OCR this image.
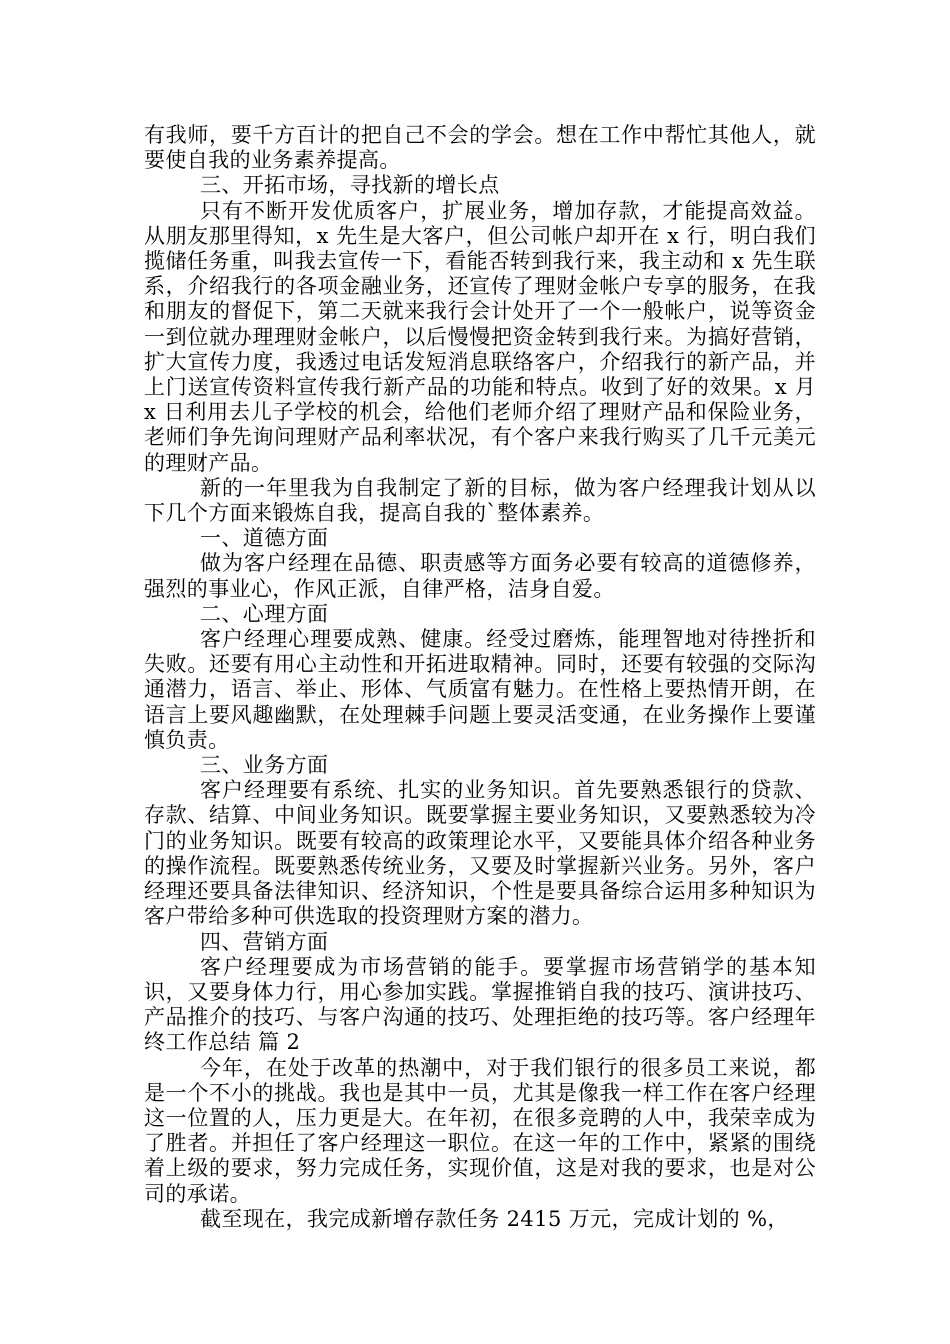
有我师，要千方百计的把自己不会的学会。想在工作中帮忙其他人，就要使自我的业务素养提高。

三、开拓市场，寻找新的增长点

只有不断开发优质客户，扩展业务，增加存款，才能提高效益。从朋友那里得知，x 先生是大客户，但公司帐户却开在 x 行，明白我们揽储任务重，叫我去宣传一下，看能否转到我行来，我主动和 x 先生联系，介绍我行的各项金融业务，还宣传了理财金帐户专享的服务，在我和朋友的督促下，第二天就来我行会计处开了一个一般帐户，说等资金一到位就办理理财金帐户，以后慢慢把资金转到我行来。为搞好营销，扩大宣传力度，我透过电话发短消息联络客户，介绍我行的新产品，并上门送宣传资料宣传我行新产品的功能和特点。收到了好的效果。x 月 x 日利用去儿子学校的机会，给他们老师介绍了理财产品和保险业务，老师们争先询问理财产品利率状况，有个客户来我行购买了几千元美元的理财产品。

新的一年里我为自我制定了新的目标，做为客户经理我计划从以下几个方面来锻炼自我，提高自我的`整体素养。

一、道德方面

做为客户经理在品德、职责感等方面务必要有较高的道德修养，强烈的事业心，作风正派，自律严格，洁身自爱。

二、心理方面

客户经理心理要成熟、健康。经受过磨炼，能理智地对待挫折和失败。还要有用心主动性和开拓进取精神。同时，还要有较强的交际沟通潜力，语言、举止、形体、气质富有魅力。在性格上要热情开朗，在语言上要风趣幽默，在处理棘手问题上要灵活变通，在业务操作上要谨慎负责。

三、业务方面

客户经理要有系统、扎实的业务知识。首先要熟悉银行的贷款、存款、结算、中间业务知识。既要掌握主要业务知识，又要熟悉较为冷门的业务知识。既要有较高的政策理论水平，又要能具体介绍各种业务的操作流程。既要熟悉传统业务，又要及时掌握新兴业务。另外，客户经理还要具备法律知识、经济知识，个性是要具备综合运用多种知识为客户带给多种可供选取的投资理财方案的潜力。

四、营销方面

客户经理要成为市场营销的能手。要掌握市场营销学的基本知识，又要身体力行，用心参加实践。掌握推销自我的技巧、演讲技巧、产品推介的技巧、与客户沟通的技巧、处理拒绝的技巧等。客户经理年终工作总结 篇 2

今年，在处于改革的热潮中，对于我们银行的很多员工来说，都是一个不小的挑战。我也是其中一员，尤其是像我一样工作在客户经理这一位置的人，压力更是大。在年初，在很多竞聘的人中，我荣幸成为了胜者。并担任了客户经理这一职位。在这一年的工作中，紧紧的围绕着上级的要求，努力完成任务，实现价值，这是对我的要求，也是对公司的承诺。

截至现在，我完成新增存款任务 2415 万元，完成计划的 %，
